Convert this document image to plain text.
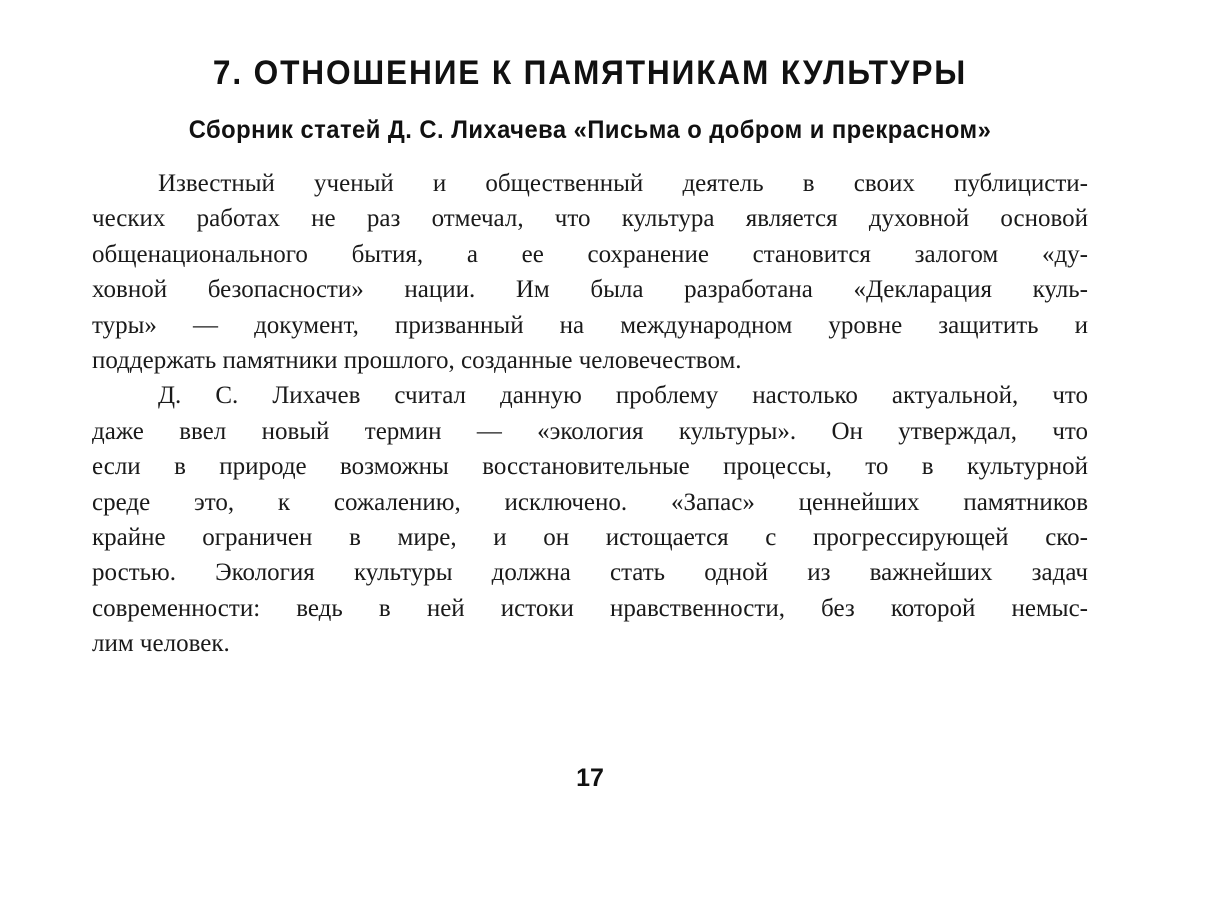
7. ОТНОШЕНИЕ К ПАМЯТНИКАМ КУЛЬТУРЫ
Сборник статей Д. С. Лихачева «Письма о добром и прекрасном»
Известный ученый и общественный деятель в своих публицисти-
ческих работах не раз отмечал, что культура является духовной основой
общенационального бытия, а ее сохранение становится залогом «ду-
ховной безопасности» нации. Им была разработана «Декларация куль-
туры» — документ, призванный на международном уровне защитить и
поддержать памятники прошлого, созданные человечеством.
Д. С. Лихачев считал данную проблему настолько актуальной, что
даже ввел новый термин — «экология культуры». Он утверждал, что
если в природе возможны восстановительные процессы, то в культурной
среде это, к сожалению, исключено. «Запас» ценнейших памятников
крайне ограничен в мире, и он истощается с прогрессирующей ско-
ростью. Экология культуры должна стать одной из важнейших задач
современности: ведь в ней истоки нравственности, без которой немыс-
лим человек.
17
